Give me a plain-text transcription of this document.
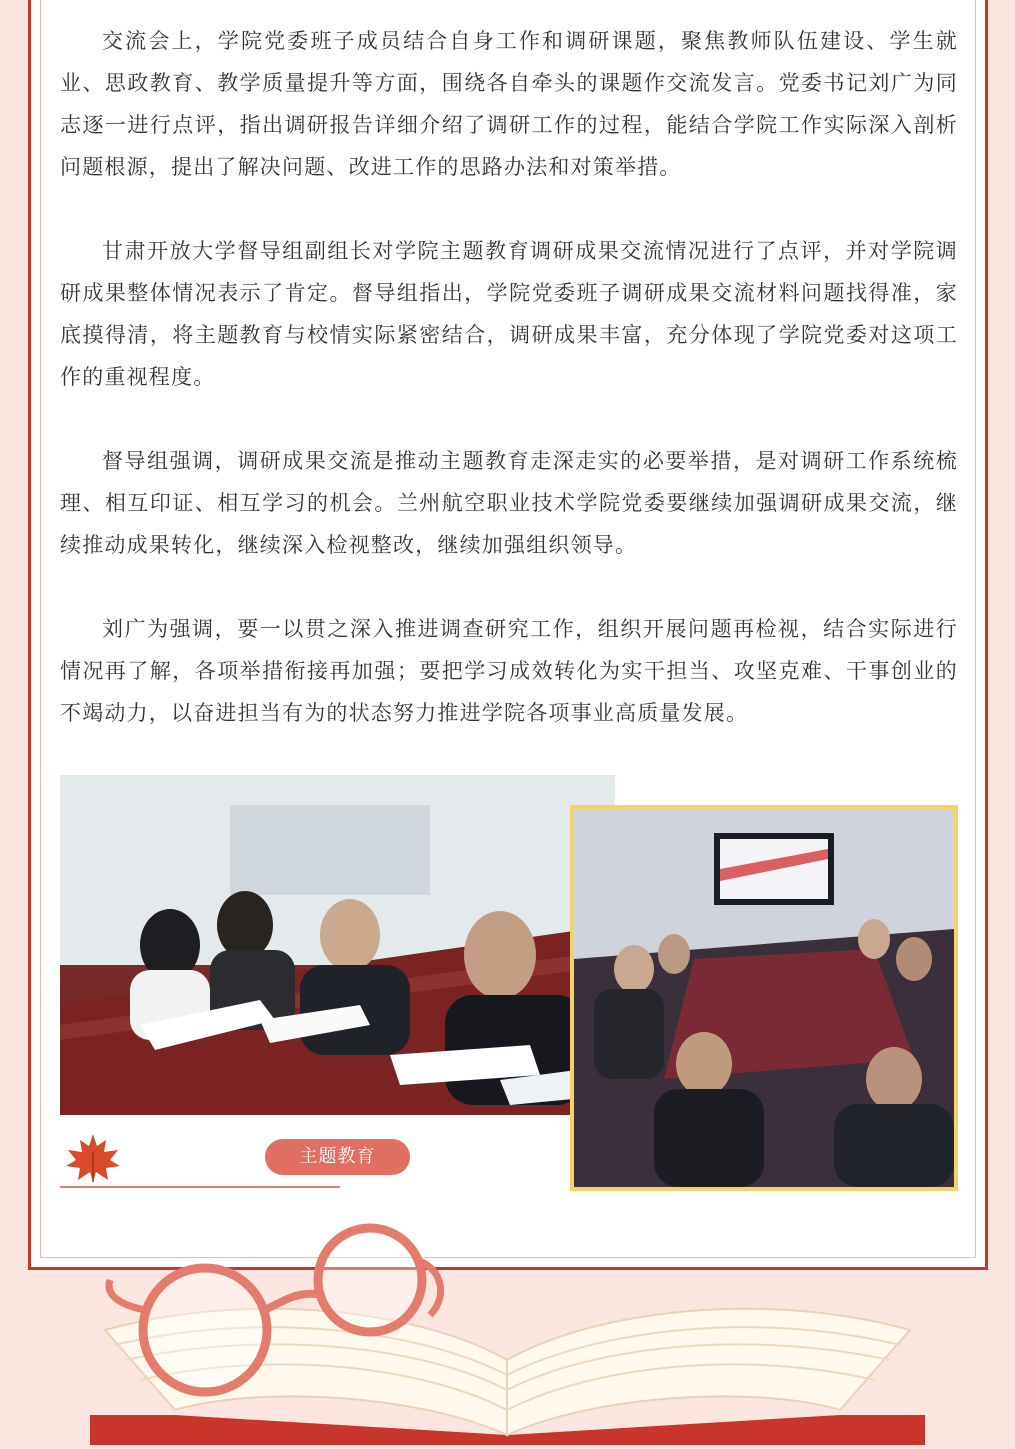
交流会上，学院党委班子成员结合自身工作和调研课题，聚焦教师队伍建设、学生就业、思政教育、教学质量提升等方面，围绕各自牵头的课题作交流发言。党委书记刘广为同志逐一进行点评，指出调研报告详细介绍了调研工作的过程，能结合学院工作实际深入剖析问题根源，提出了解决问题、改进工作的思路办法和对策举措。

甘肃开放大学督导组副组长对学院主题教育调研成果交流情况进行了点评，并对学院调研成果整体情况表示了肯定。督导组指出，学院党委班子调研成果交流材料问题找得准，家底摸得清，将主题教育与校情实际紧密结合，调研成果丰富，充分体现了学院党委对这项工作的重视程度。

督导组强调，调研成果交流是推动主题教育走深走实的必要举措，是对调研工作系统梳理、相互印证、相互学习的机会。兰州航空职业技术学院党委要继续加强调研成果交流，继续推动成果转化，继续深入检视整改，继续加强组织领导。

刘广为强调，要一以贯之深入推进调查研究工作，组织开展问题再检视，结合实际进行情况再了解，各项举措衔接再加强；要把学习成效转化为实干担当、攻坚克难、干事创业的不竭动力，以奋进担当有为的状态努力推进学院各项事业高质量发展。

主题教育
